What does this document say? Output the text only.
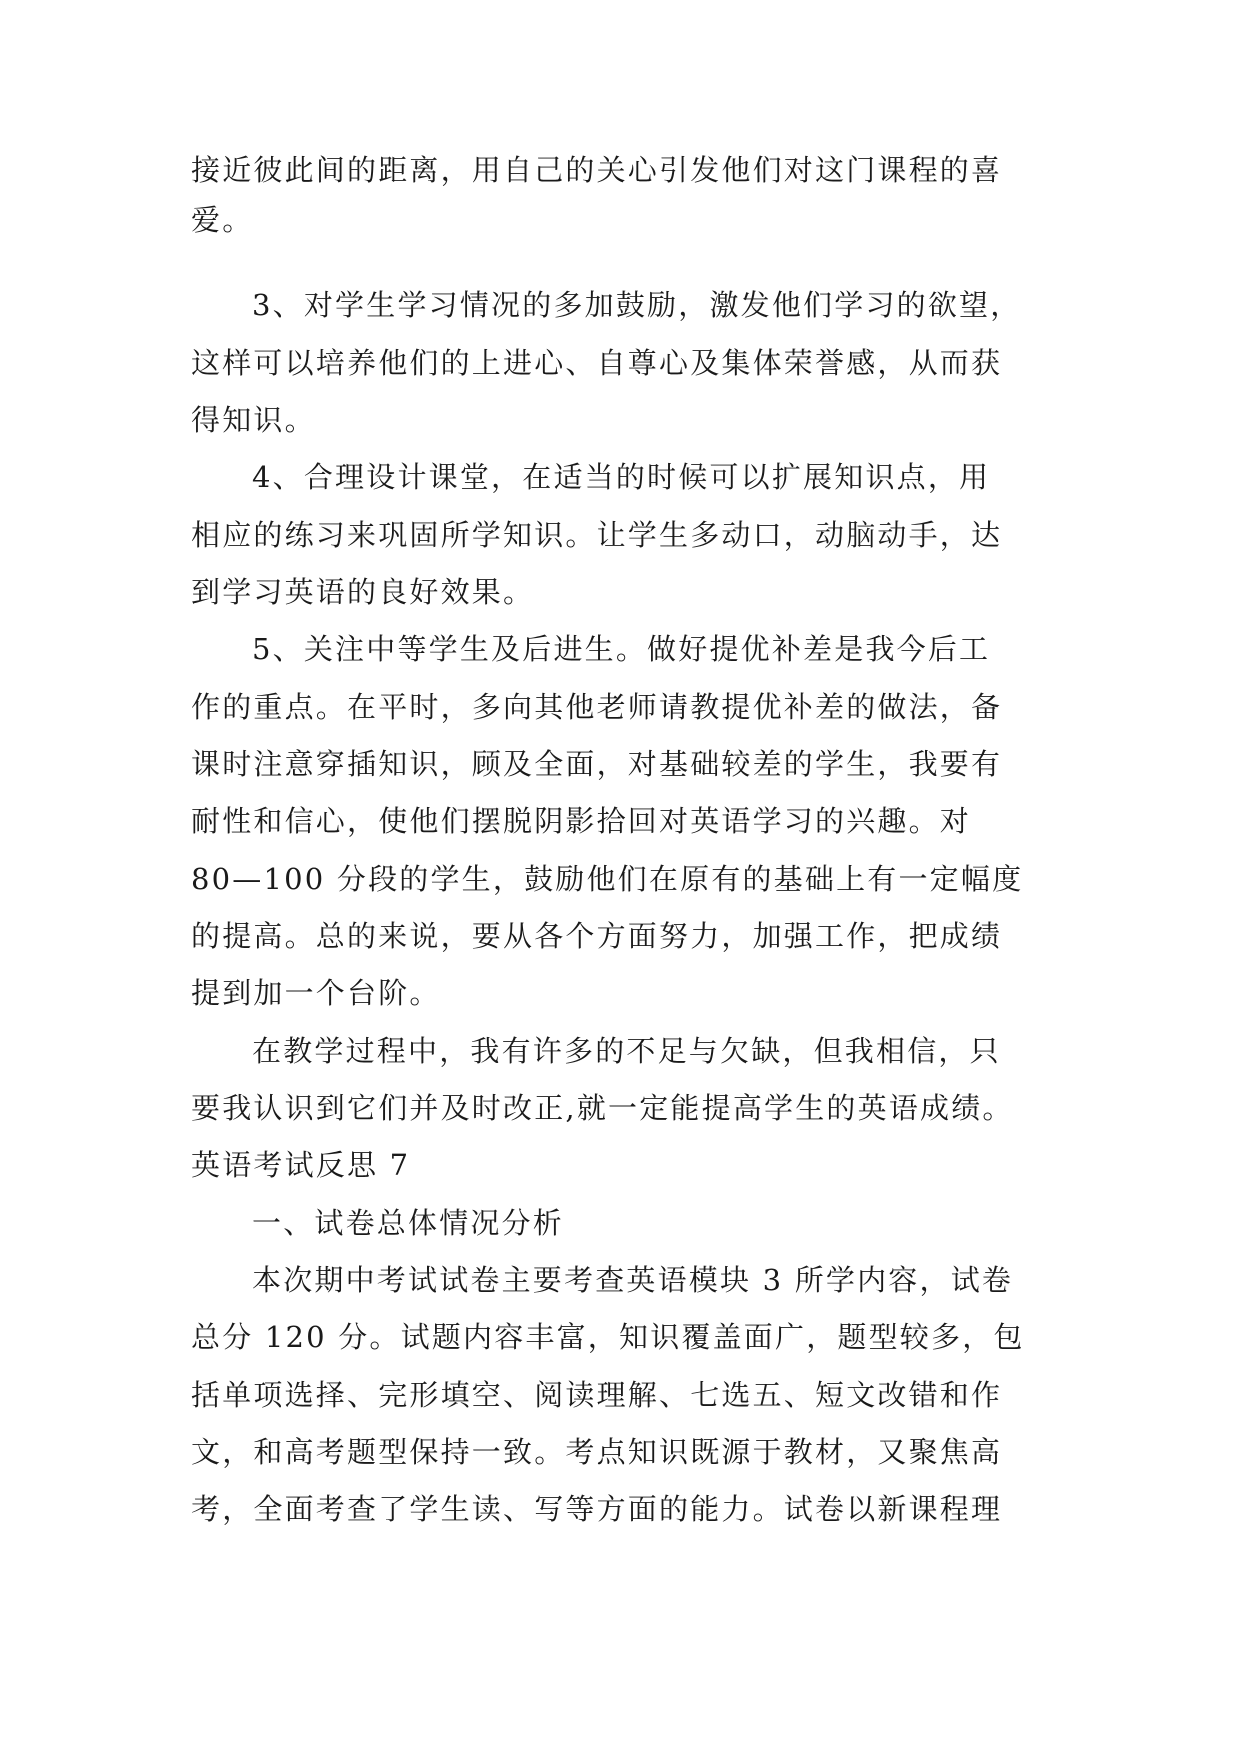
接近彼此间的距离，用自己的关心引发他们对这门课程的喜
爱。
3、对学生学习情况的多加鼓励，激发他们学习的欲望，
这样可以培养他们的上进心、自尊心及集体荣誉感，从而获
得知识。
4、合理设计课堂，在适当的时候可以扩展知识点，用
相应的练习来巩固所学知识。让学生多动口，动脑动手，达
到学习英语的良好效果。
5、关注中等学生及后进生。做好提优补差是我今后工
作的重点。在平时，多向其他老师请教提优补差的做法，备
课时注意穿插知识，顾及全面，对基础较差的学生，我要有
耐性和信心，使他们摆脱阴影拾回对英语学习的兴趣。对
80—100 分段的学生，鼓励他们在原有的基础上有一定幅度
的提高。总的来说，要从各个方面努力，加强工作，把成绩
提到加一个台阶。
在教学过程中，我有许多的不足与欠缺，但我相信，只
要我认识到它们并及时改正,就一定能提高学生的英语成绩。
英语考试反思 7
一、试卷总体情况分析
本次期中考试试卷主要考查英语模块 3 所学内容，试卷
总分 120 分。试题内容丰富，知识覆盖面广，题型较多，包
括单项选择、完形填空、阅读理解、七选五、短文改错和作
文，和高考题型保持一致。考点知识既源于教材，又聚焦高
考，全面考查了学生读、写等方面的能力。试卷以新课程理
